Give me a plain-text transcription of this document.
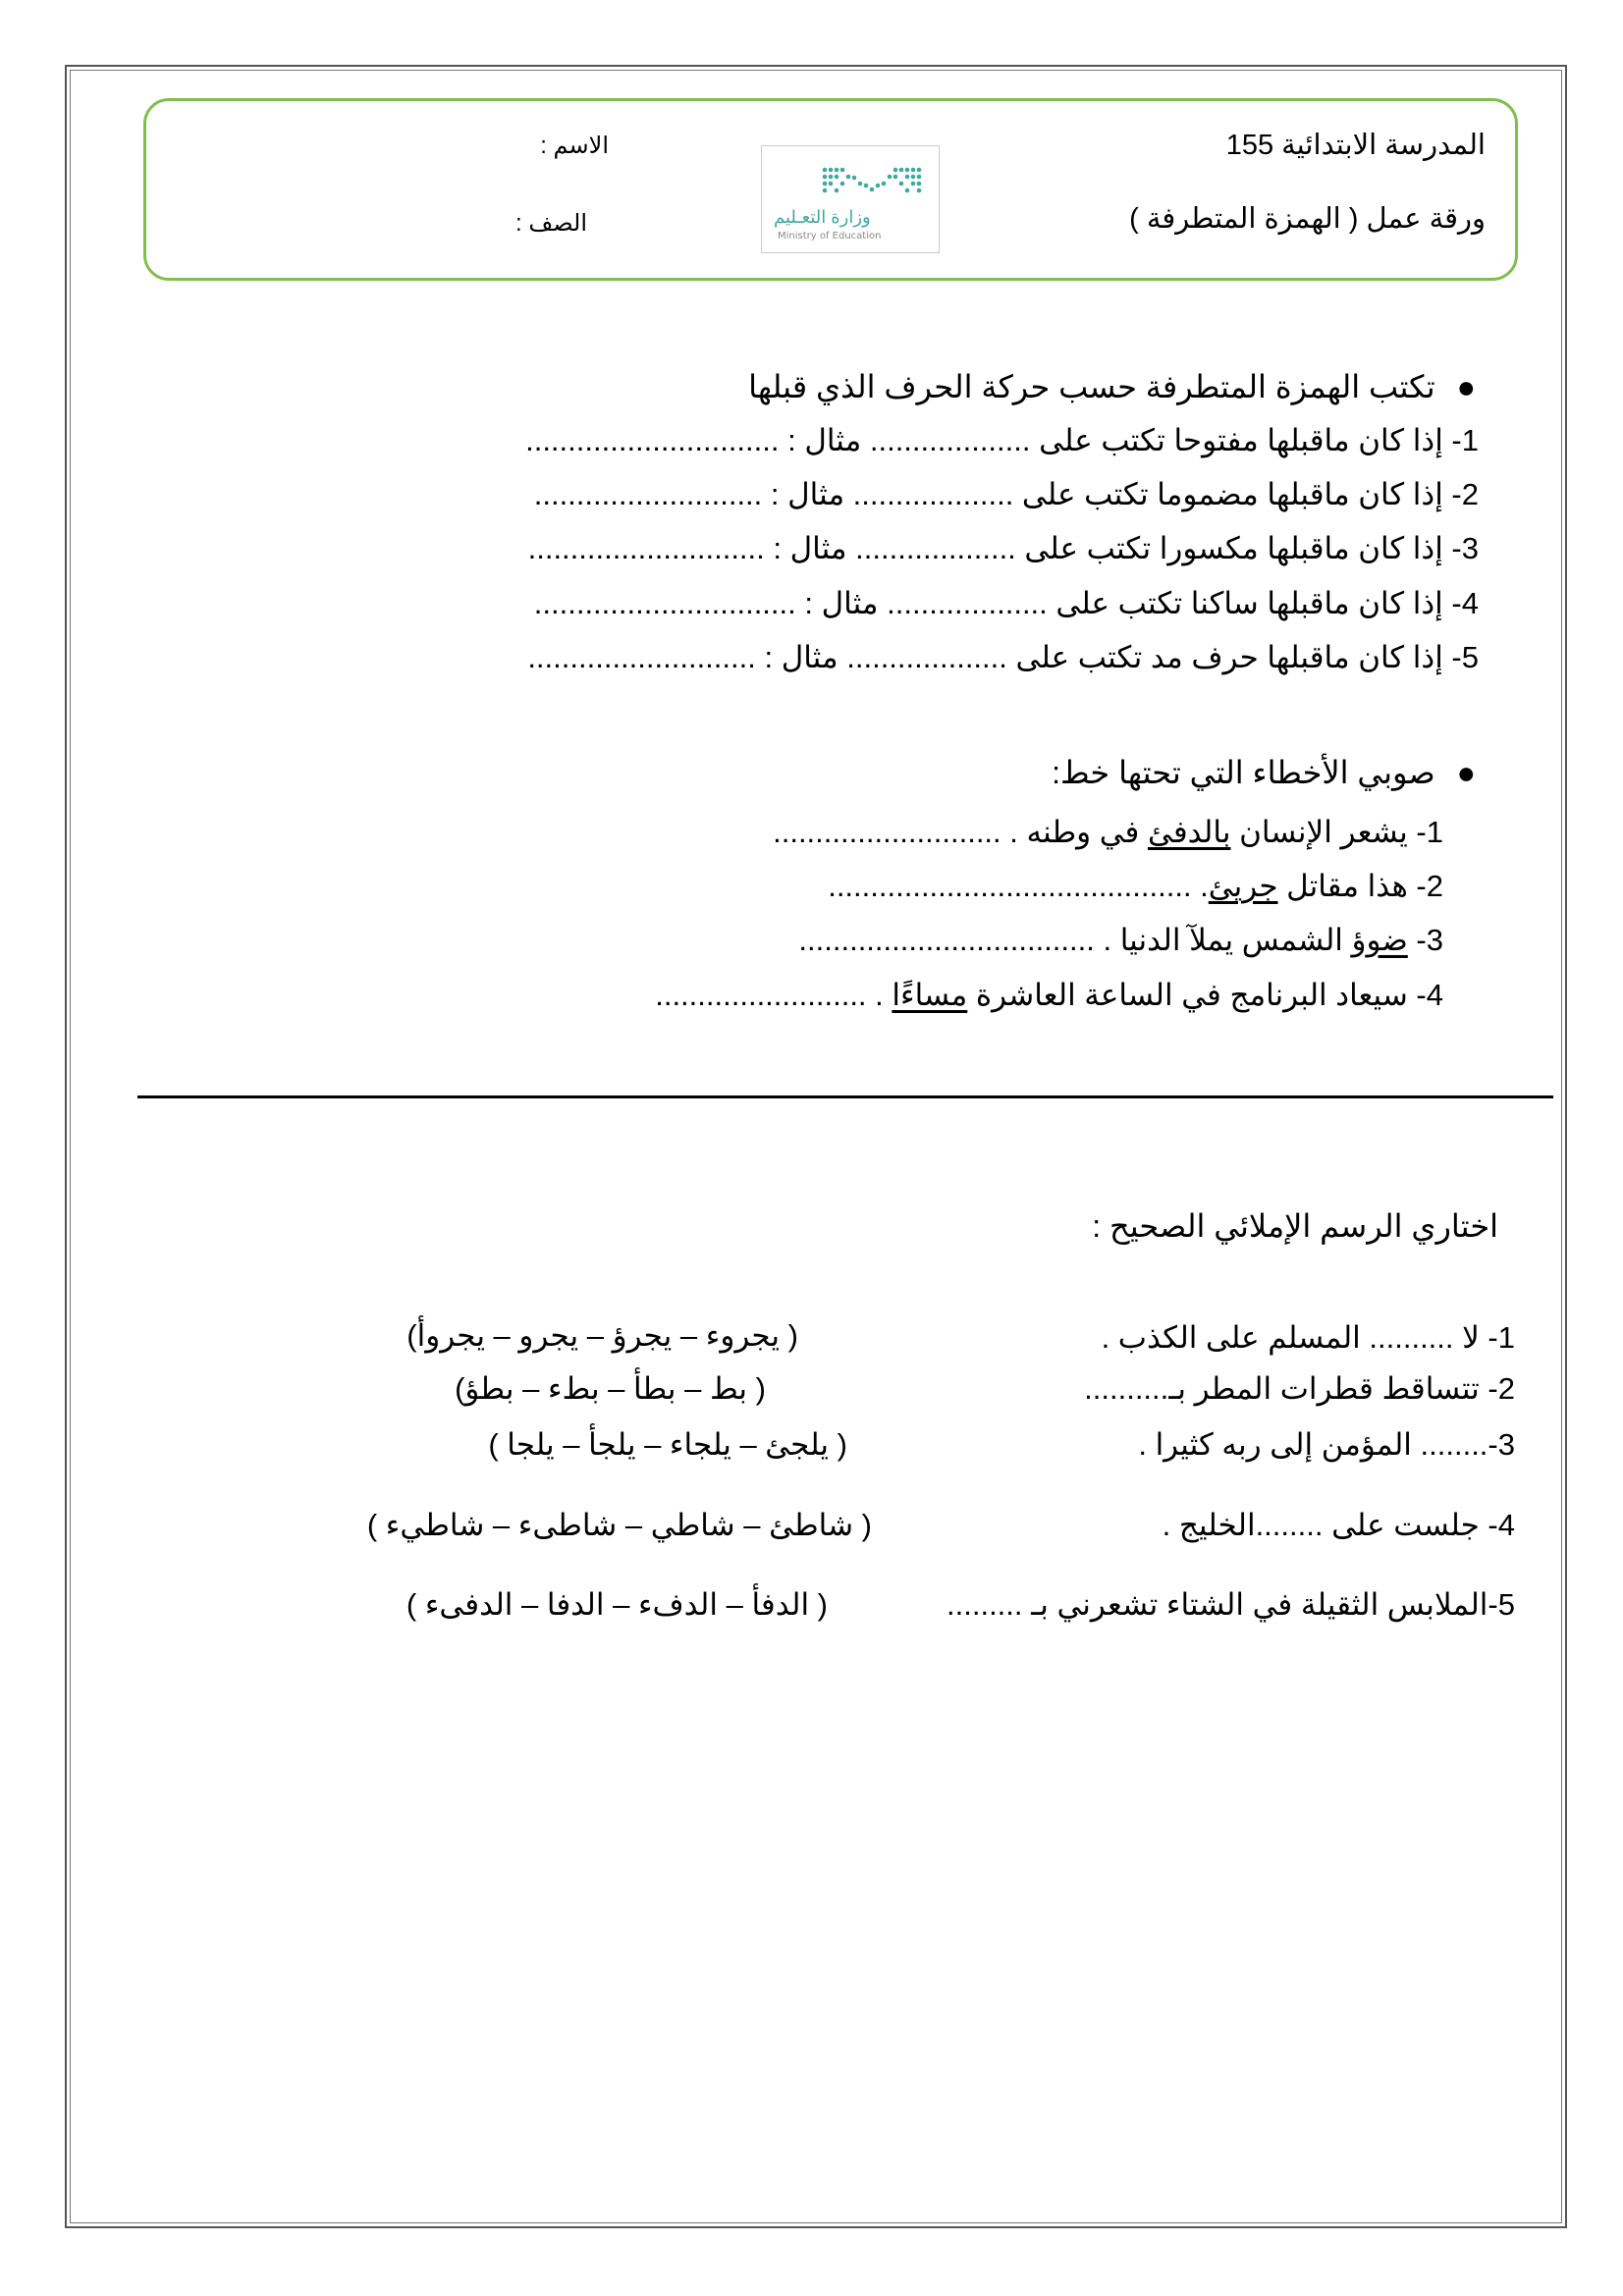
المدرسة الابتدائية 155
ورقة عمل ( الهمزة المتطرفة )
الاسم :
الصف :	وزارة التعـليم
Ministry of Education
●تكتب الهمزة المتطرفة حسب حركة الحرف الذي قبلها
1- إذا كان ماقبلها مفتوحا تكتب على ................... مثال : ..............................
2- إذا كان ماقبلها مضموما تكتب على ................... مثال : ...........................
3- إذا كان ماقبلها مكسورا تكتب على ................... مثال : ............................
4- إذا كان ماقبلها ساكنا تكتب على ................... مثال : ...............................
5- إذا كان ماقبلها حرف مد تكتب على ................... مثال : ...........................
●صوبي الأخطاء التي تحتها خط:
1- يشعر الإنسان بالدفئ في وطنه . ...........................
2- هذا مقاتل جريئ. ...........................................
3- ضوؤ الشمس يملآ الدنيا . ...................................
4- سيعاد البرنامج في الساعة العاشرة مساءًا . .........................
اختاري الرسم الإملائي الصحيح :
1- لا .......... المسلم على الكذب .
( يجروء – يجرؤ – يجرو – يجروأ)
2- تتساقط قطرات المطر بـ..........
( بط – بطأ – بطء – بطؤ)
3-........ المؤمن إلى ربه كثيرا .
( يلجئ – يلجاء – يلجأ – يلجا )
4- جلست على ........الخليج .
( شاطئ – شاطي – شاطىء – شاطيء )
5-الملابس الثقيلة في الشتاء تشعرني بـ .........
( الدفأ – الدفء – الدفا – الدفىء )
